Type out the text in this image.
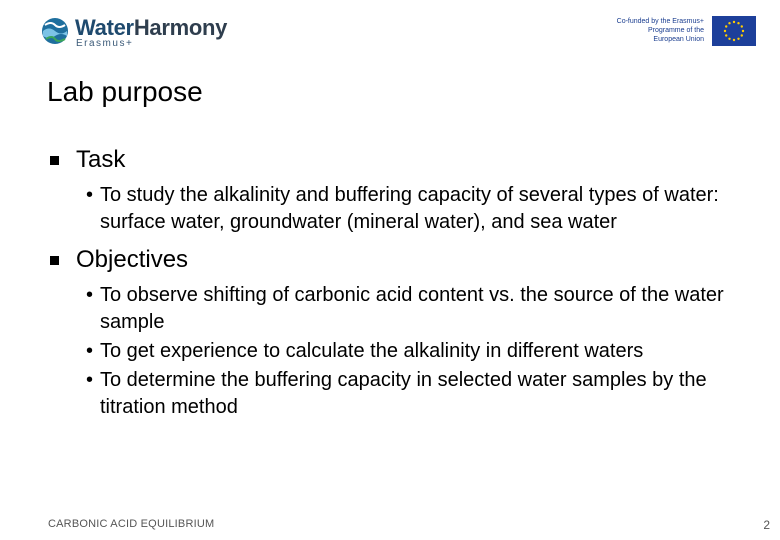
WaterHarmony
Erasmus+
Co-funded by the Erasmus+ Programme of the European Union
Lab purpose
Task
• To study the alkalinity and buffering capacity of several types of water: surface water, groundwater (mineral water), and sea water
Objectives
• To observe shifting of carbonic acid content vs. the source of the water sample
• To get experience to calculate the alkalinity in different waters
• To determine the buffering capacity in selected water samples by the titration method
CARBONIC ACID EQUILIBRIUM	2
